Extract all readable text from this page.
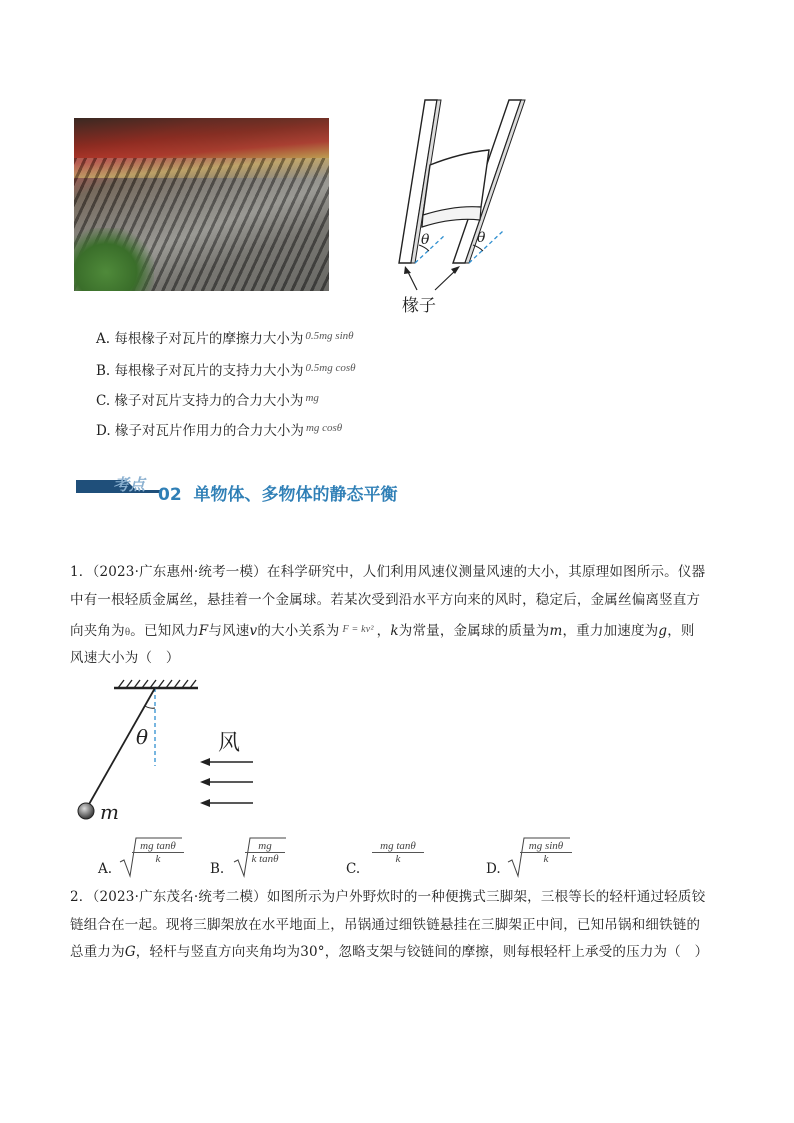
θ	θ
椽子
A. 每根椽子对瓦片的摩擦力大小为 $^{0.5mg sin\theta}$
B. 每根椽子对瓦片的支持力大小为 $^{0.5mg cos\theta}$
C. 椽子对瓦片支持力的合力大小为 $^{mg}$
D. 椽子对瓦片作用力的合力大小为 $^{mg cos\theta}$
考点
02 单物体、多物体的静态平衡
1．（2023·广东惠州·统考一模）在科学研究中，人们利用风速仪测量风速的大小，其原理如图所示。仪器
中有一根轻质金属丝，悬挂着一个金属球。若某次受到沿水平方向来的风时，稳定后，金属丝偏离竖直方
向夹角为θ。已知风力F与风速v的大小关系为 $^{F = kv^2}$ ，k为常量，金属球的质量为m，重力加速度为g，则
风速大小为（　）
θ
m
风
A.
$\frac{\text{mg tanθ}}{k}$
B.
$\frac{mg}{\text{k tanθ}}$
C.
$\frac{\text{mg tanθ}}{k}$
D.
$\frac{\text{mg sinθ}}{k}$
2．（2023·广东茂名·统考二模）如图所示为户外野炊时的一种便携式三脚架，三根等长的轻杆通过轻质铰
链组合在一起。现将三脚架放在水平地面上，吊锅通过细铁链悬挂在三脚架正中间，已知吊锅和细铁链的
总重力为G，轻杆与竖直方向夹角均为30°，忽略支架与铰链间的摩擦，则每根轻杆上承受的压力为（　）
